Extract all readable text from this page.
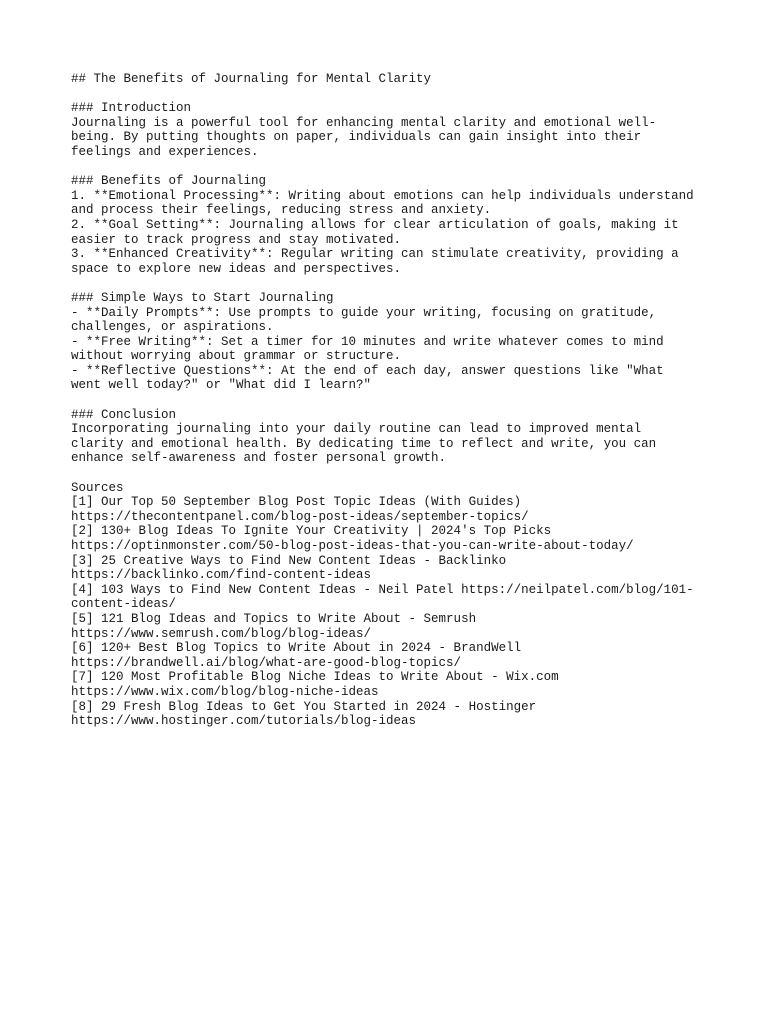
## The Benefits of Journaling for Mental Clarity
### Introduction
Journaling is a powerful tool for enhancing mental clarity and emotional well-
being. By putting thoughts on paper, individuals can gain insight into their
feelings and experiences.
### Benefits of Journaling
1. **Emotional Processing**: Writing about emotions can help individuals understand
and process their feelings, reducing stress and anxiety.
2. **Goal Setting**: Journaling allows for clear articulation of goals, making it
easier to track progress and stay motivated.
3. **Enhanced Creativity**: Regular writing can stimulate creativity, providing a
space to explore new ideas and perspectives.
### Simple Ways to Start Journaling
- **Daily Prompts**: Use prompts to guide your writing, focusing on gratitude,
challenges, or aspirations.
- **Free Writing**: Set a timer for 10 minutes and write whatever comes to mind
without worrying about grammar or structure.
- **Reflective Questions**: At the end of each day, answer questions like "What
went well today?" or "What did I learn?"
### Conclusion
Incorporating journaling into your daily routine can lead to improved mental
clarity and emotional health. By dedicating time to reflect and write, you can
enhance self-awareness and foster personal growth.
Sources
[1] Our Top 50 September Blog Post Topic Ideas (With Guides)
https://thecontentpanel.com/blog-post-ideas/september-topics/
[2] 130+ Blog Ideas To Ignite Your Creativity | 2024's Top Picks
https://optinmonster.com/50-blog-post-ideas-that-you-can-write-about-today/
[3] 25 Creative Ways to Find New Content Ideas - Backlinko
https://backlinko.com/find-content-ideas
[4] 103 Ways to Find New Content Ideas - Neil Patel https://neilpatel.com/blog/101-
content-ideas/
[5] 121 Blog Ideas and Topics to Write About - Semrush
https://www.semrush.com/blog/blog-ideas/
[6] 120+ Best Blog Topics to Write About in 2024 - BrandWell
https://brandwell.ai/blog/what-are-good-blog-topics/
[7] 120 Most Profitable Blog Niche Ideas to Write About - Wix.com
https://www.wix.com/blog/blog-niche-ideas
[8] 29 Fresh Blog Ideas to Get You Started in 2024 - Hostinger
https://www.hostinger.com/tutorials/blog-ideas
